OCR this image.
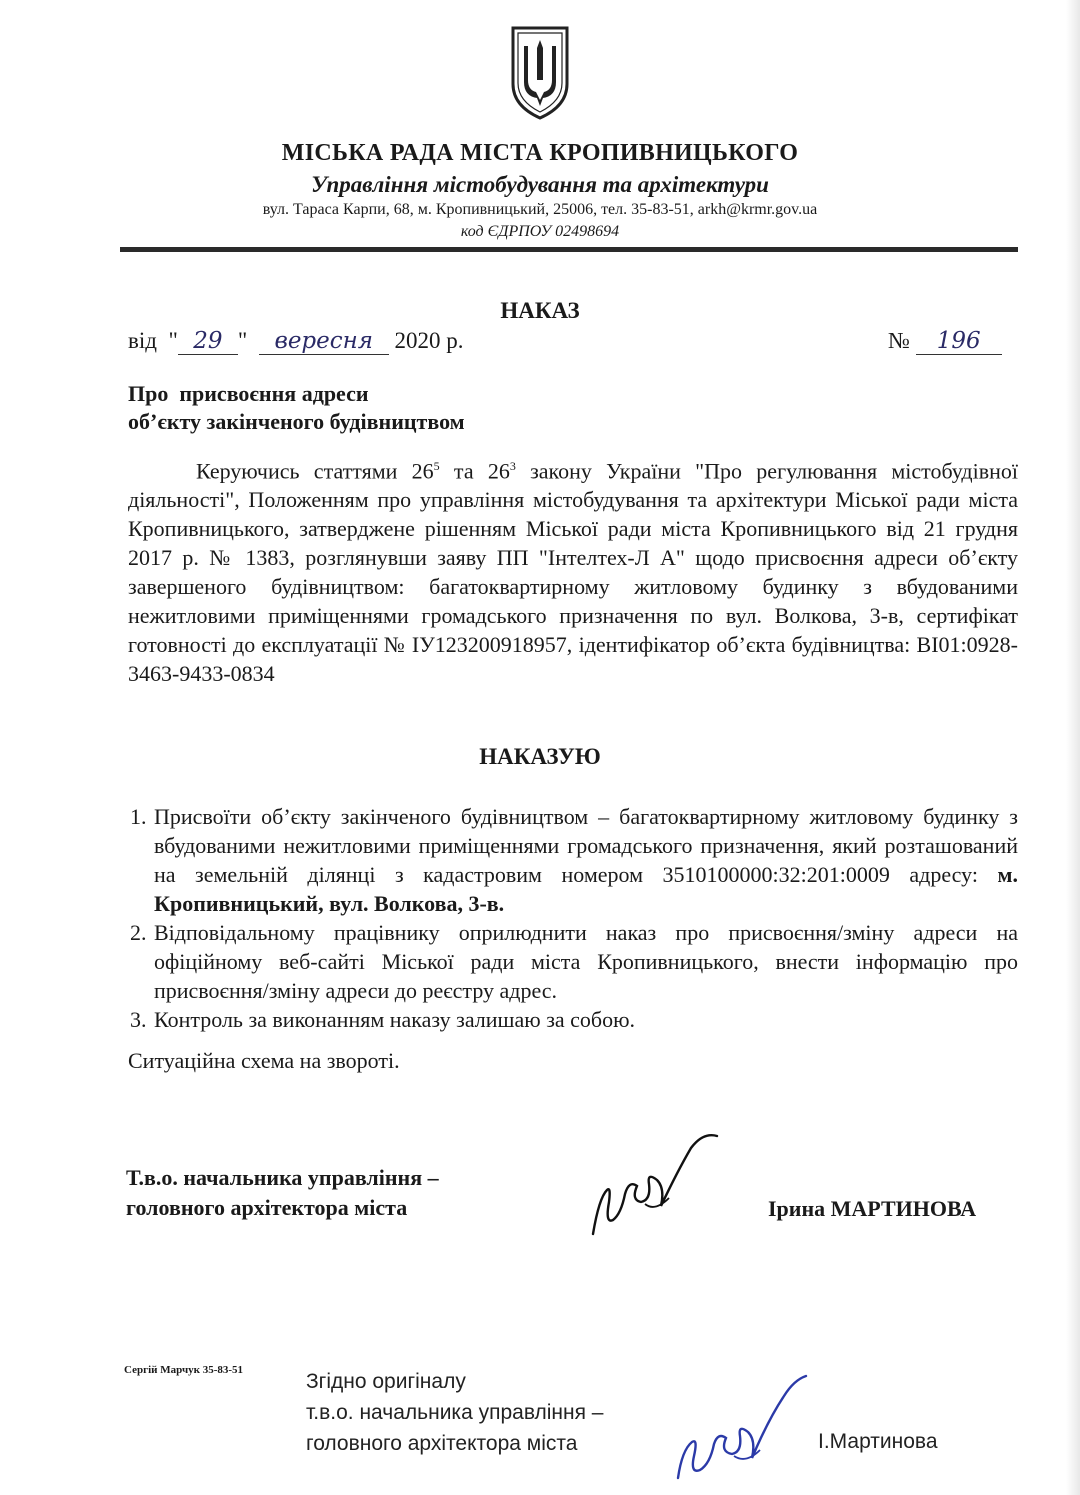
МІСЬКА РАДА МІСТА КРОПИВНИЦЬКОГО
Управління містобудування та архітектури
вул. Тараса Карпи, 68, м. Кропивницький, 25006, тел. 35-83-51, arkh@krmr.gov.ua
код ЄДРПОУ 02498694
НАКАЗ
від  " 29 "  вересня 2020 р.	№ 196
Про  присвоєння адреси
об’єкту закінченого будівництвом

Керуючись статтями $26^5$ та $26^3$ закону України "Про регулювання містобудівної діяльності", Положенням про управління містобудування та архітектури Міської ради міста Кропивницького, затверджене рішенням Міської ради міста Кропивницького від 21 грудня 2017 р. № 1383, розглянувши заяву ПП "Інтелтех-Л А" щодо присвоєння адреси об’єкту завершеного будівництвом: багатоквартирному житловому будинку з вбудованими нежитловими приміщеннями громадського призначення по вул. Волкова, 3-в, сертифікат готовності до експлуатації № ІУ123200918957, ідентифікатор об’єкта будівництва: ВІ01:0928-3463-9433-0834

НАКАЗУЮ
1. Присвоїти об’єкту закінченого будівництвом – багатоквартирному житловому будинку з вбудованими нежитловими приміщеннями громадського призначення, який розташований на земельній ділянці з кадастровим номером 3510100000:32:201:0009 адресу: м. Кропивницький, вул. Волкова, 3-в.
2. Відповідальному працівнику оприлюднити наказ про присвоєння/зміну адреси на офіційному веб-сайті Міської ради міста Кропивницького, внести інформацію про присвоєння/зміну адреси до реєстру адрес.
3. Контроль за виконанням наказу залишаю за собою.
Ситуаційна схема на звороті.
Т.в.о. начальника управління –
головного архітектора міста	Ірина МАРТИНОВА
Сергій Марчук 35-83-51	Згідно оригіналу
т.в.о. начальника управління –
головного архітектора міста	І.Мартинова
